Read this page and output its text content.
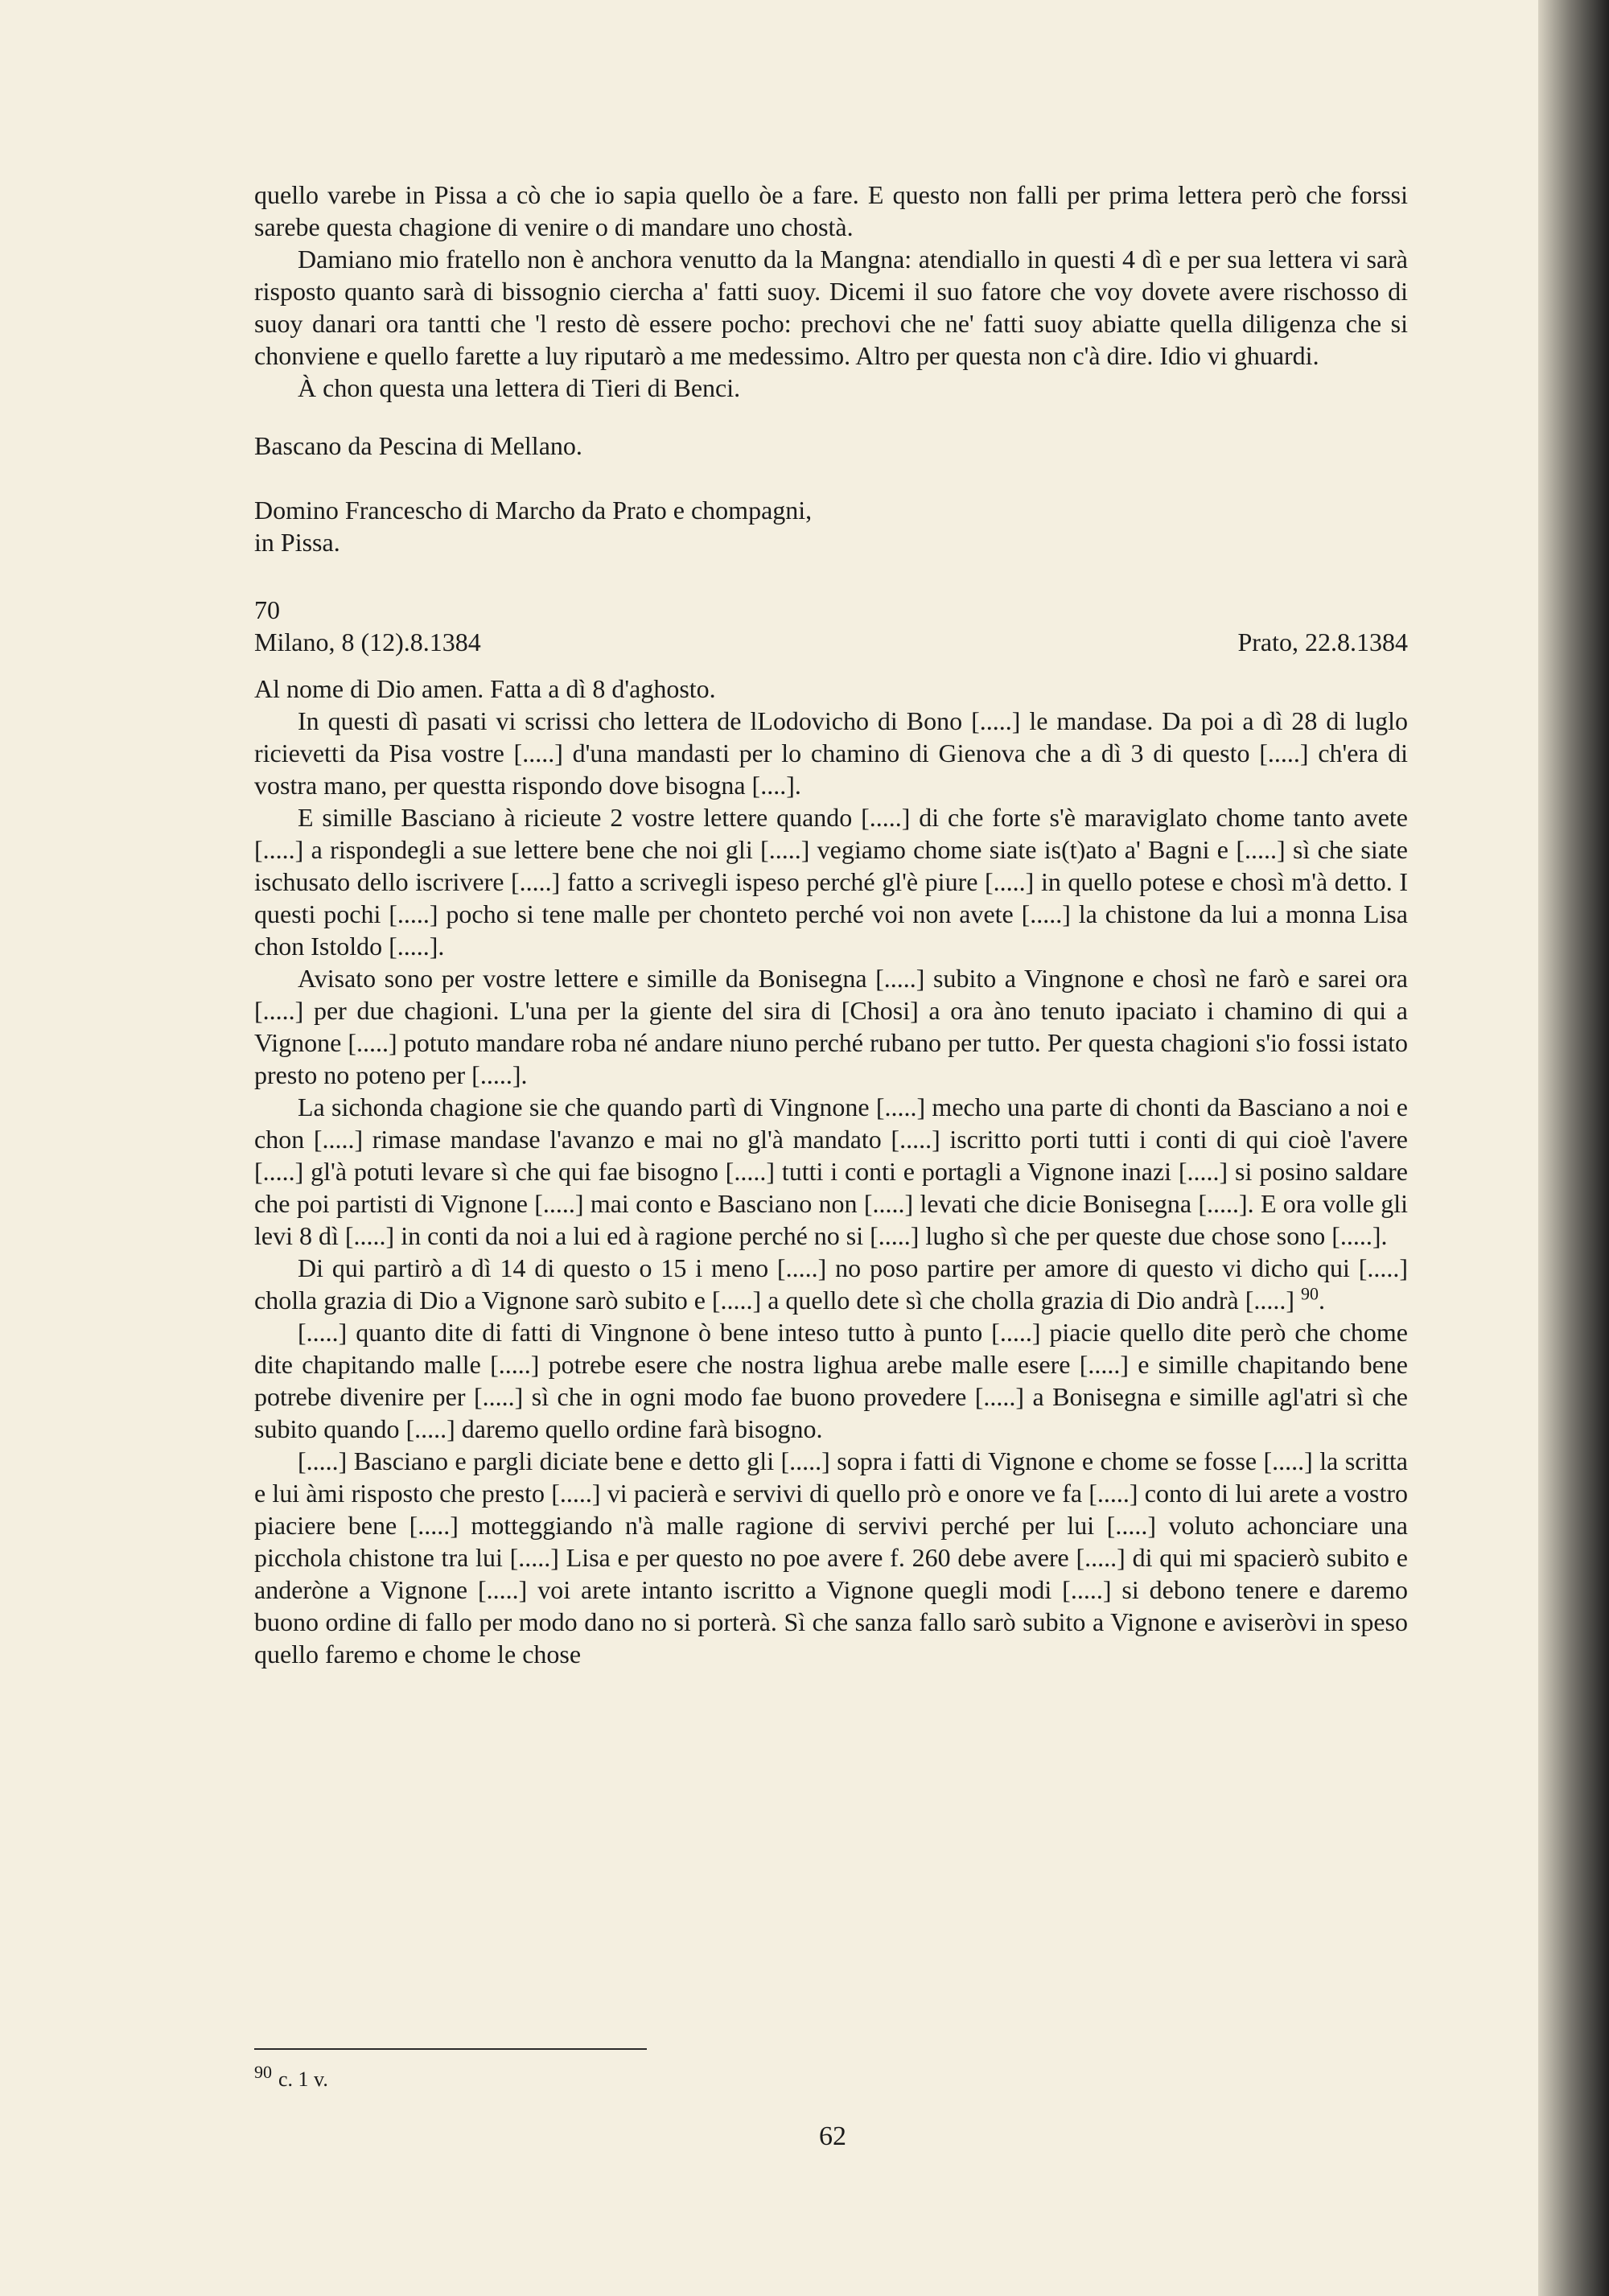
quello varebe in Pissa a cò che io sapia quello òe a fare. E questo non falli per prima lettera però che forssi sarebe questa chagione di venire o di mandare uno chostà.

Damiano mio fratello non è anchora venutto da la Mangna: atendiallo in questi 4 dì e per sua lettera vi sarà risposto quanto sarà di bissognio ciercha a' fatti suoy. Dicemi il suo fatore che voy dovete avere rischosso di suoy danari ora tantti che 'l resto dè essere pocho: prechovi che ne' fatti suoy abiatte quella diligenza che si chonviene e quello farette a luy riputarò a me medessimo. Altro per questa non c'à dire. Idio vi ghuardi.

À chon questa una lettera di Tieri di Benci.

Bascano da Pescina di Mellano.

Domino Francescho di Marcho da Prato e chompagni,

in Pissa.

70

Milano, 8 (12).8.1384	Prato, 22.8.1384

Al nome di Dio amen. Fatta a dì 8 d'aghosto.

In questi dì pasati vi scrissi cho lettera de lLodovicho di Bono [.....] le mandase. Da poi a dì 28 di luglo ricievetti da Pisa vostre [.....] d'una mandasti per lo chamino di Gienova che a dì 3 di questo [.....] ch'era di vostra mano, per questta rispondo dove bisogna [....].

E simille Basciano à ricieute 2 vostre lettere quando [.....] di che forte s'è maraviglato chome tanto avete [.....] a rispondegli a sue lettere bene che noi gli [.....] vegiamo chome siate is(t)ato a' Bagni e [.....] sì che siate ischusato dello iscrivere [.....] fatto a scrivegli ispeso perché gl'è piure [.....] in quello potese e chosì m'à detto. I questi pochi [.....] pocho si tene malle per chonteto perché voi non avete [.....] la chistone da lui a monna Lisa chon Istoldo [.....].

Avisato sono per vostre lettere e simille da Bonisegna [.....] subito a Vingnone e chosì ne farò e sarei ora [.....] per due chagioni. L'una per la giente del sira di [Chosi] a ora àno tenuto ipaciato i chamino di qui a Vignone [.....] potuto mandare roba né andare niuno perché rubano per tutto. Per questa chagioni s'io fossi istato presto no poteno per [.....].

La sichonda chagione sie che quando partì di Vingnone [.....] mecho una parte di chonti da Basciano a noi e chon [.....] rimase mandase l'avanzo e mai no gl'à mandato [.....] iscritto porti tutti i conti di qui cioè l'avere [.....] gl'à potuti levare sì che qui fae bisogno [.....] tutti i conti e portagli a Vignone inazi [.....] si posino saldare che poi partisti di Vignone [.....] mai conto e Basciano non [.....] levati che dicie Bonisegna [.....]. E ora volle gli levi 8 dì [.....] in conti da noi a lui ed à ragione perché no si [.....] lugho sì che per queste due chose sono [.....].

Di qui partirò a dì 14 di questo o 15 i meno [.....] no poso partire per amore di questo vi dicho qui [.....] cholla grazia di Dio a Vignone sarò subito e [.....] a quello dete sì che cholla grazia di Dio andrà [.....] $^{90}$.

[.....] quanto dite di fatti di Vingnone ò bene inteso tutto à punto [.....] piacie quello dite però che chome dite chapitando malle [.....] potrebe esere che nostra lighua arebe malle esere [.....] e simille chapitando bene potrebe divenire per [.....] sì che in ogni modo fae buono provedere [.....] a Bonisegna e simille agl'atri sì che subito quando [.....] daremo quello ordine farà bisogno.

[.....] Basciano e pargli diciate bene e detto gli [.....] sopra i fatti di Vignone e chome se fosse [.....] la scritta e lui àmi risposto che presto [.....] vi pacierà e servivi di quello prò e onore ve fa [.....] conto di lui arete a vostro piaciere bene [.....] motteggiando n'à malle ragione di servivi perché per lui [.....] voluto achonciare una picchola chistone tra lui [.....] Lisa e per questo no poe avere f. 260 debe avere [.....] di qui mi spacierò subito e anderòne a Vignone [.....] voi arete intanto iscritto a Vignone quegli modi [.....] si debono tenere e daremo buono ordine di fallo per modo dano no si porterà. Sì che sanza fallo sarò subito a Vignone e aviseròvi in speso quello faremo e chome le chose

$^{90}$ c. 1 v.
62
